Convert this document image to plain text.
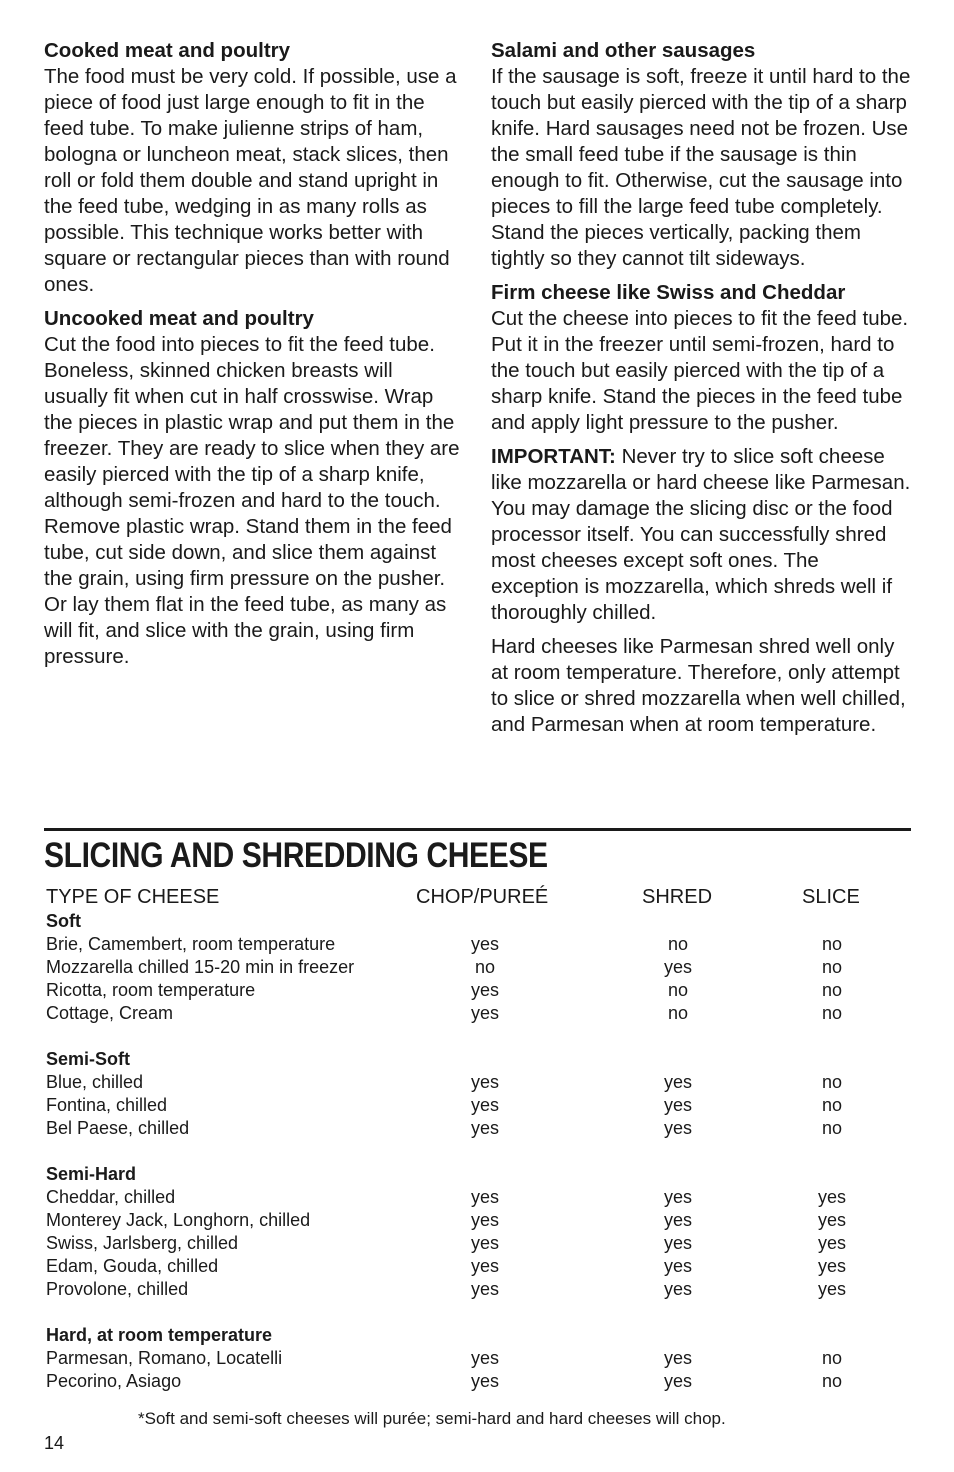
Cooked meat and poultry

The food must be very cold. If possible, use a piece of food just large enough to fit in the feed tube. To make julienne strips of ham, bologna or luncheon meat, stack slices, then roll or fold them double and stand upright in the feed tube, wedging in as many rolls as possible. This technique works better with square or rectangular pieces than with round ones.

Uncooked meat and poultry

Cut the food into pieces to fit the feed tube. Boneless, skinned chicken breasts will usually fit when cut in half crosswise. Wrap the pieces in plastic wrap and put them in the freezer. They are ready to slice when they are easily pierced with the tip of a sharp knife, although semi-frozen and hard to the touch. Remove plastic wrap. Stand them in the feed tube, cut side down, and slice them against the grain, using firm pressure on the pusher. Or lay them flat in the feed tube, as many as will fit, and slice with the grain, using firm pressure.

Salami and other sausages

If the sausage is soft, freeze it until hard to the touch but easily pierced with the tip of a sharp knife. Hard sausages need not be frozen. Use the small feed tube if the sausage is thin enough to fit. Otherwise, cut the sausage into pieces to fill the large feed tube completely. Stand the pieces vertically, packing them tightly so they cannot tilt sideways.

Firm cheese like Swiss and Cheddar

Cut the cheese into pieces to fit the feed tube. Put it in the freezer until semi-frozen, hard to the touch but easily pierced with the tip of a sharp knife. Stand the pieces in the feed tube and apply light pressure to the pusher.

IMPORTANT: Never try to slice soft cheese like mozzarella or hard cheese like Parmesan. You may damage the slicing disc or the food processor itself. You can successfully shred most cheeses except soft ones. The exception is mozzarella, which shreds well if thoroughly chilled.

Hard cheeses like Parmesan shred well only at room temperature. Therefore, only attempt to slice or shred mozzarella when well chilled, and Parmesan when at room temperature.

SLICING AND SHREDDING CHEESE
TYPE OF CHEESE	CHOP/PUREÉ	SHRED	SLICE
Soft
Brie, Camembert, room temperature	yes	no	no
Mozzarella chilled 15-20 min in freezer	no	yes	no
Ricotta, room temperature	yes	no	no
Cottage, Cream	yes	no	no
Semi-Soft
Blue, chilled	yes	yes	no
Fontina, chilled	yes	yes	no
Bel Paese, chilled	yes	yes	no
Semi-Hard
Cheddar, chilled	yes	yes	yes
Monterey Jack, Longhorn, chilled	yes	yes	yes
Swiss, Jarlsberg, chilled	yes	yes	yes
Edam, Gouda, chilled	yes	yes	yes
Provolone, chilled	yes	yes	yes
Hard, at room temperature
Parmesan, Romano, Locatelli	yes	yes	no
Pecorino, Asiago	yes	yes	no
*Soft and semi-soft cheeses will purée; semi-hard and hard cheeses will chop.
14
